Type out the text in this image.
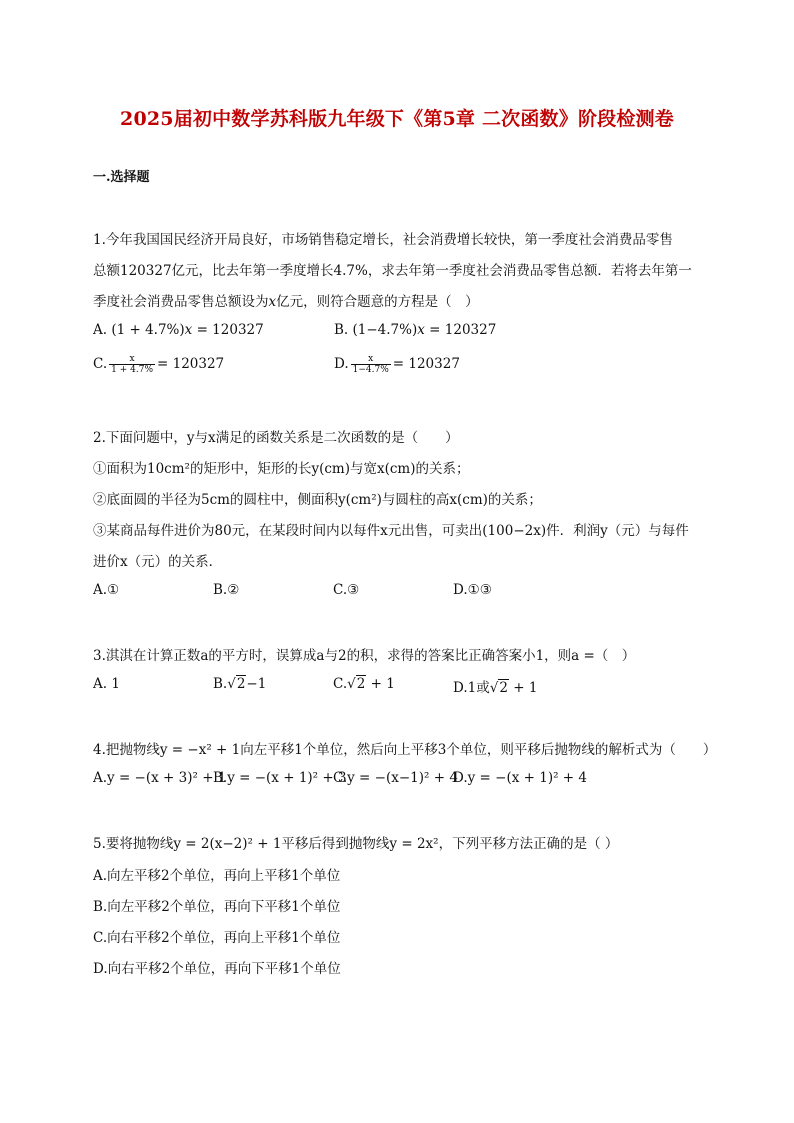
2025届初中数学苏科版九年级下《第5章 二次函数》阶段检测卷
一.选择题
1.今年我国国民经济开局良好，市场销售稳定增长，社会消费增长较快，第一季度社会消费品零售
总额120327亿元，比去年第一季度增长4.7%，求去年第一季度社会消费品零售总额．若将去年第一
季度社会消费品零售总额设为x亿元，则符合题意的方程是（　）
A. (1 + 4.7%)x = 120327	B. (1−4.7%)x = 120327
C. $\frac{x}{1 + 4.7\%} = 120327$	D. $\frac{x}{1-4.7\%} = 120327$
2.下面问题中，y与x满足的函数关系是二次函数的是（　　）
①面积为10cm²的矩形中，矩形的长y(cm)与宽x(cm)的关系；
②底面圆的半径为5cm的圆柱中，侧面积y(cm²)与圆柱的高x(cm)的关系；
③某商品每件进价为80元，在某段时间内以每件x元出售，可卖出(100−2x)件．利润y（元）与每件
进价x（元）的关系．
A.①	B.②	C.③	D.①③
3.淇淇在计算正数a的平方时，误算成a与2的积，求得的答案比正确答案小1，则a =（　）
A. 1	B.√2−1	C.√2 + 1	D.1或√2 + 1
4.把抛物线y = −x² + 1向左平移1个单位，然后向上平移3个单位，则平移后抛物线的解析式为（　　）
A.y = −(x + 3)² + 1
B.y = −(x + 1)² + 3
C.y = −(x−1)² + 4
D.y = −(x + 1)² + 4
5.要将抛物线y = 2(x−2)² + 1平移后得到抛物线y = 2x²，下列平移方法正确的是（ ）
A.向左平移2个单位，再向上平移1个单位
B.向左平移2个单位，再向下平移1个单位
C.向右平移2个单位，再向上平移1个单位
D.向右平移2个单位，再向下平移1个单位
